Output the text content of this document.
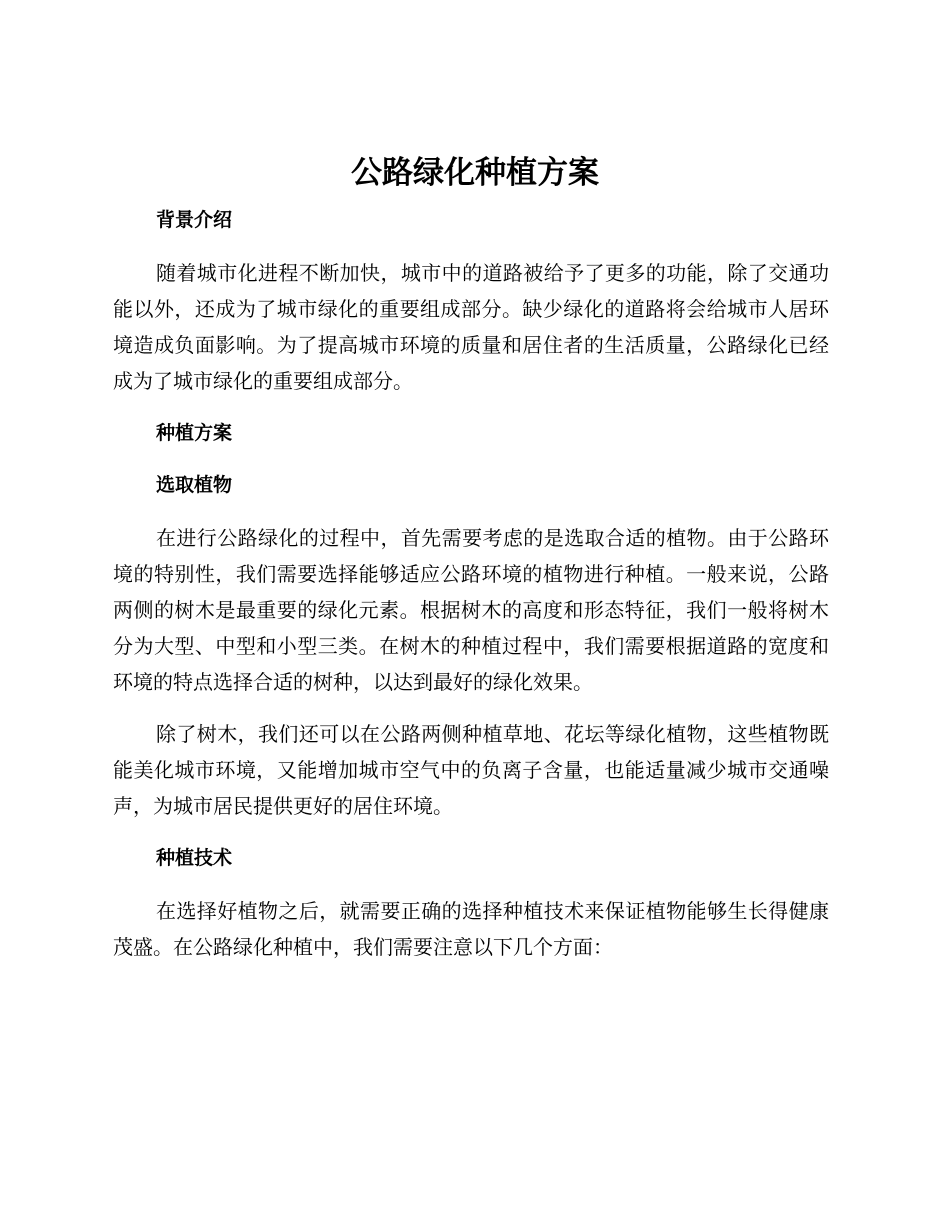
公路绿化种植方案

背景介绍

随着城市化进程不断加快，城市中的道路被给予了更多的功能，除了交通功能以外，还成为了城市绿化的重要组成部分。缺少绿化的道路将会给城市人居环境造成负面影响。为了提高城市环境的质量和居住者的生活质量，公路绿化已经成为了城市绿化的重要组成部分。

种植方案

选取植物

在进行公路绿化的过程中，首先需要考虑的是选取合适的植物。由于公路环境的特别性，我们需要选择能够适应公路环境的植物进行种植。一般来说，公路两侧的树木是最重要的绿化元素。根据树木的高度和形态特征，我们一般将树木分为大型、中型和小型三类。在树木的种植过程中，我们需要根据道路的宽度和环境的特点选择合适的树种，以达到最好的绿化效果。

除了树木，我们还可以在公路两侧种植草地、花坛等绿化植物，这些植物既能美化城市环境，又能增加城市空气中的负离子含量，也能适量减少城市交通噪声，为城市居民提供更好的居住环境。

种植技术

在选择好植物之后，就需要正确的选择种植技术来保证植物能够生长得健康茂盛。在公路绿化种植中，我们需要注意以下几个方面：
